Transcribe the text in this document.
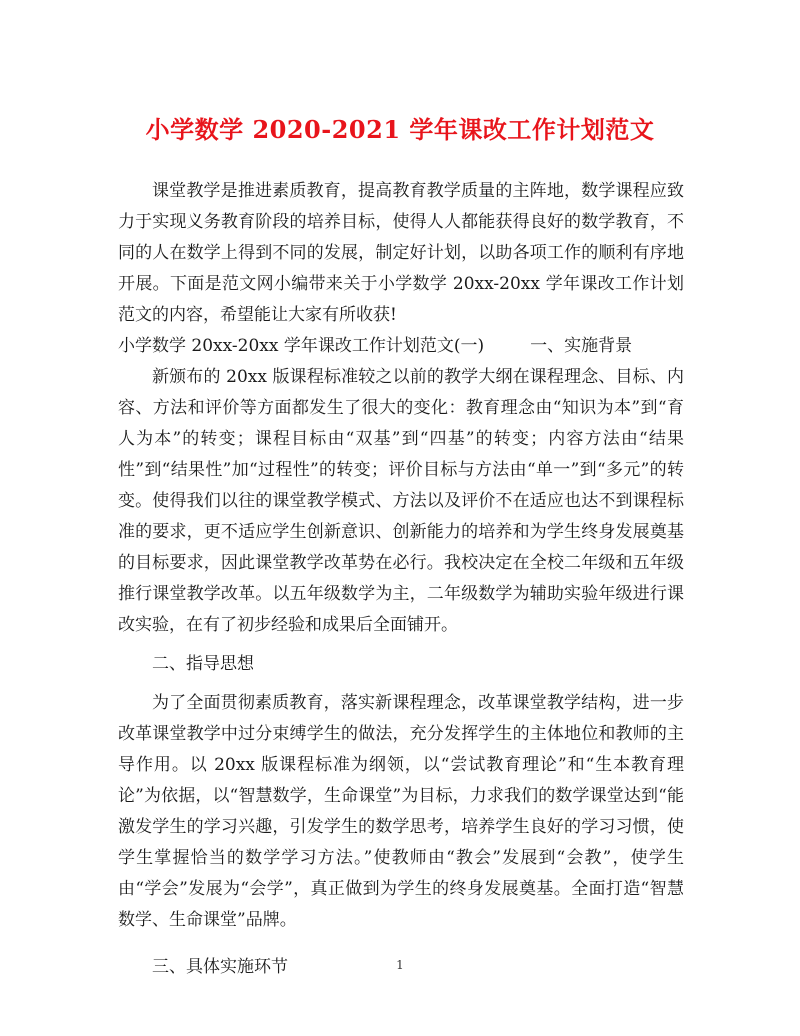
小学数学 2020-2021 学年课改工作计划范文

课堂教学是推进素质教育，提高教育教学质量的主阵地，数学课程应致力于实现义务教育阶段的培养目标，使得人人都能获得良好的数学教育，不同的人在数学上得到不同的发展，制定好计划，以助各项工作的顺利有序地开展。下面是范文网小编带来关于小学数学 20xx-20xx 学年课改工作计划范文的内容，希望能让大家有所收获!

小学数学 20xx-20xx 学年课改工作计划范文(一)	一、实施背景

新颁布的 20xx 版课程标准较之以前的教学大纲在课程理念、目标、内容、方法和评价等方面都发生了很大的变化：教育理念由“知识为本”到“育人为本”的转变；课程目标由“双基”到“四基”的转变；内容方法由“结果性”到“结果性”加“过程性”的转变；评价目标与方法由“单一”到“多元”的转变。使得我们以往的课堂教学模式、方法以及评价不在适应也达不到课程标准的要求，更不适应学生创新意识、创新能力的培养和为学生终身发展奠基的目标要求，因此课堂教学改革势在必行。我校决定在全校二年级和五年级推行课堂教学改革。以五年级数学为主，二年级数学为辅助实验年级进行课改实验，在有了初步经验和成果后全面铺开。

二、指导思想

为了全面贯彻素质教育，落实新课程理念，改革课堂教学结构，进一步改革课堂教学中过分束缚学生的做法，充分发挥学生的主体地位和教师的主导作用。以 20xx 版课程标准为纲领，以“尝试教育理论”和“生本教育理论”为依据，以“智慧数学，生命课堂”为目标，力求我们的数学课堂达到“能激发学生的学习兴趣，引发学生的数学思考，培养学生良好的学习习惯，使学生掌握恰当的数学学习方法。”使教师由“教会”发展到“会教”，使学生由“学会”发展为“会学”，真正做到为学生的终身发展奠基。全面打造“智慧数学、生命课堂”品牌。

三、具体实施环节	1
